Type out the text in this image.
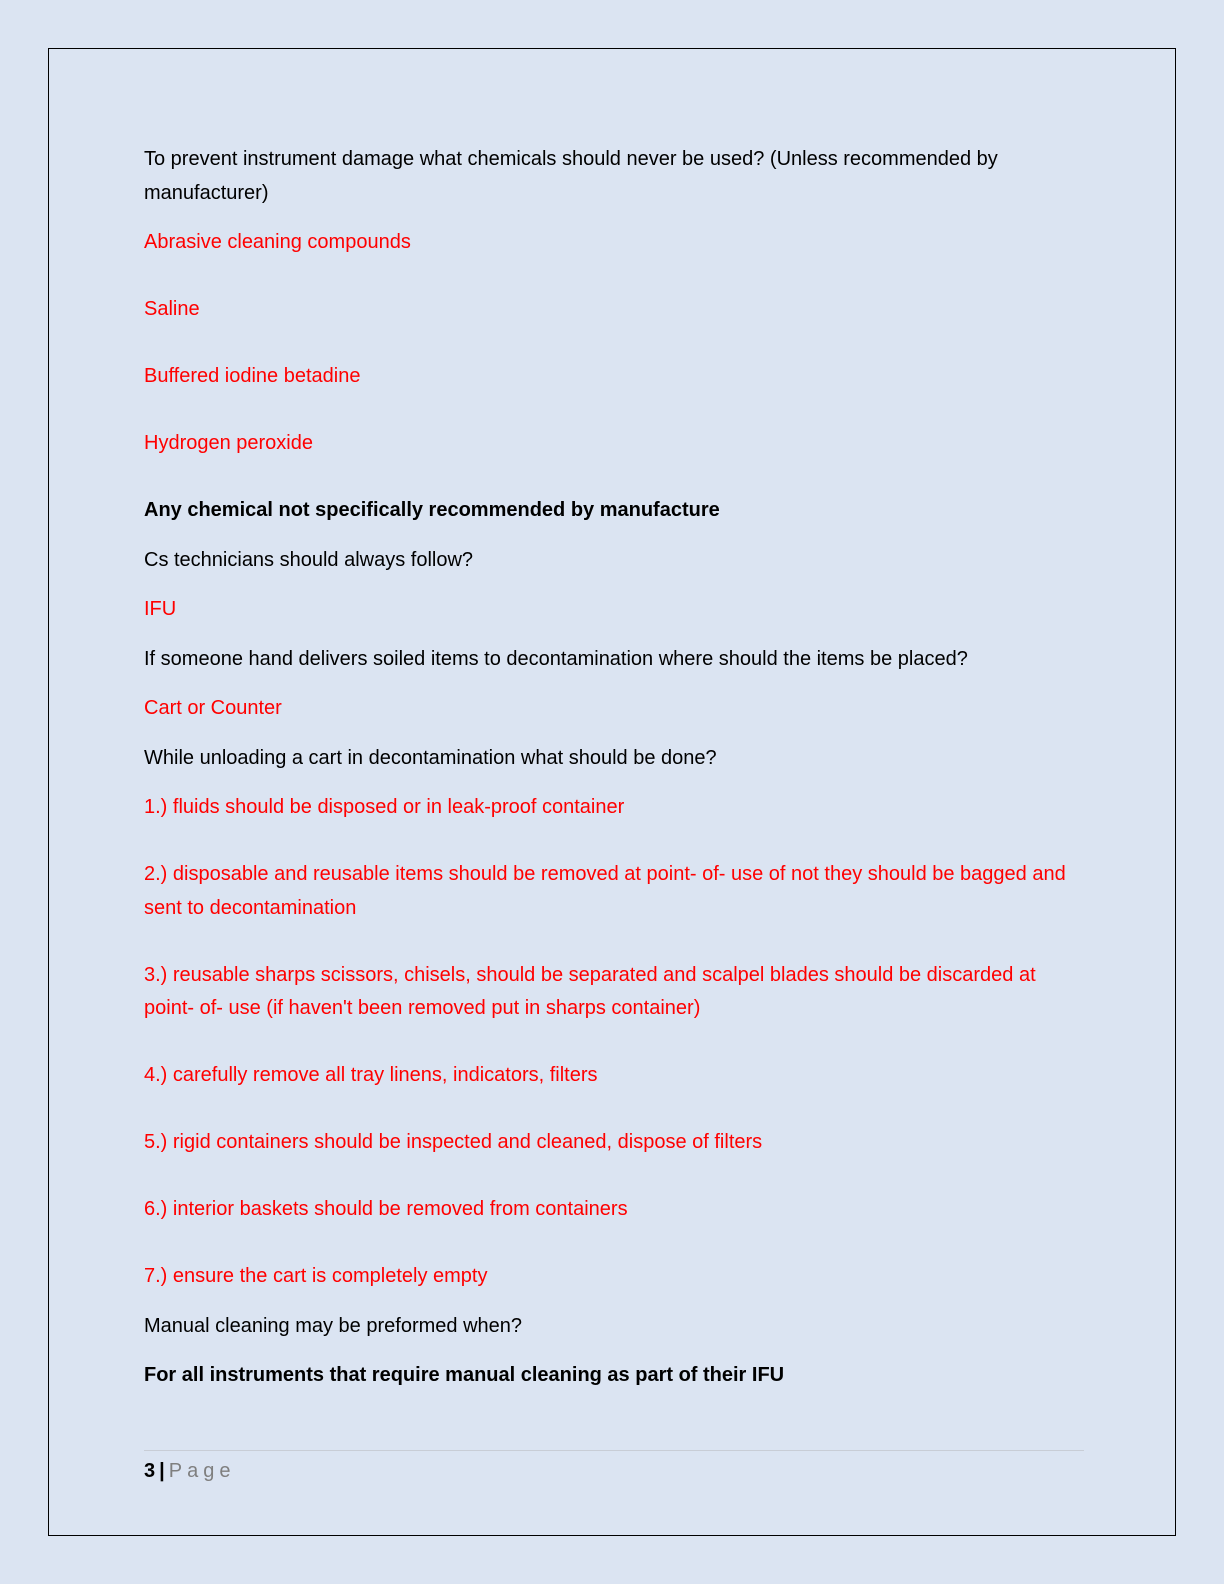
To prevent instrument damage what chemicals should never be used? (Unless recommended by manufacturer)

Abrasive cleaning compounds

Saline

Buffered iodine betadine

Hydrogen peroxide

Any chemical not specifically recommended by manufacture

Cs technicians should always follow?

IFU

If someone hand delivers soiled items to decontamination where should the items be placed?

Cart or Counter

While unloading a cart in decontamination what should be done?

1.) fluids should be disposed or in leak-proof container

2.) disposable and reusable items should be removed at point- of- use of not they should be bagged and sent to decontamination

3.) reusable sharps scissors, chisels, should be separated and scalpel blades should be discarded at point- of- use (if haven't been removed put in sharps container)

4.) carefully remove all tray linens, indicators, filters

5.) rigid containers should be inspected and cleaned, dispose of filters

6.) interior baskets should be removed from containers

7.) ensure the cart is completely empty

Manual cleaning may be preformed when?

For all instruments that require manual cleaning as part of their IFU

3 | Page
